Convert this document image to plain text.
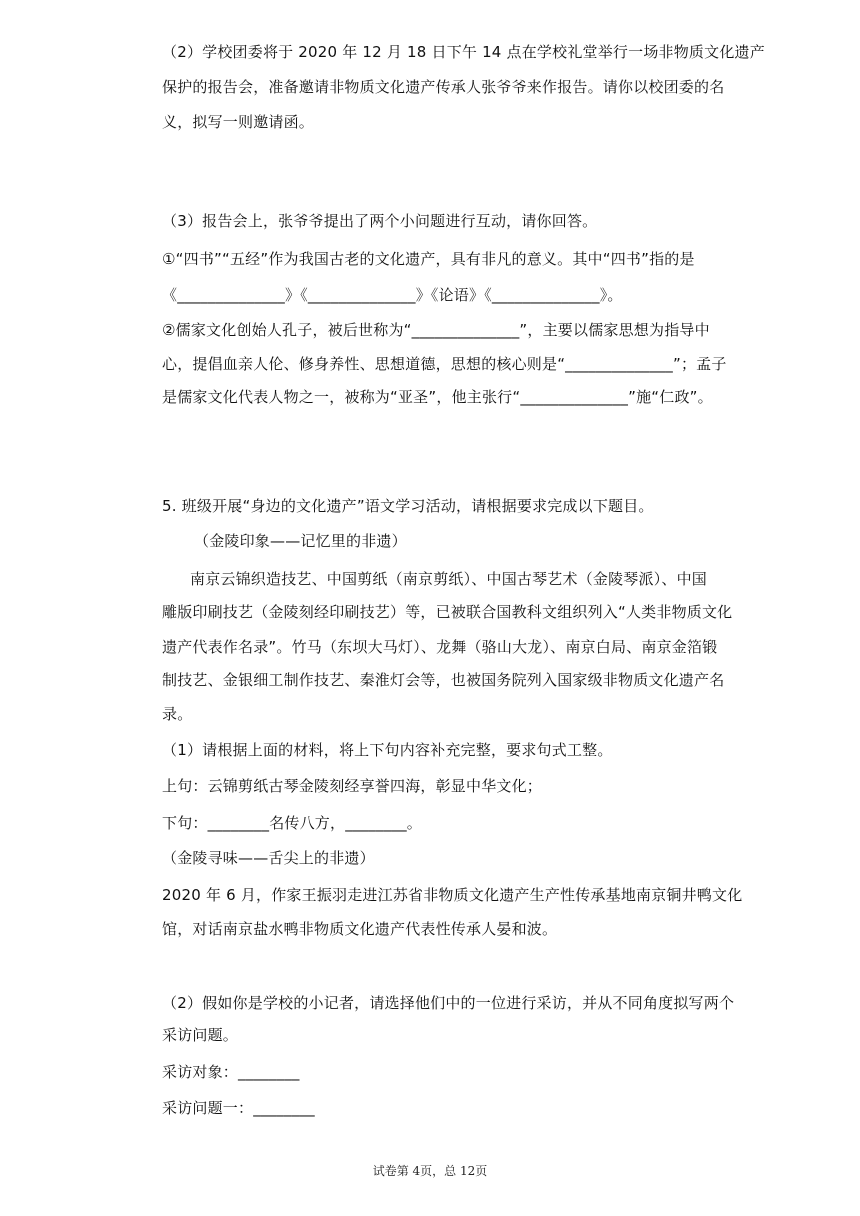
（2）学校团委将于 2020 年 12 月 18 日下午 14 点在学校礼堂举行一场非物质文化遗产
保护的报告会，准备邀请非物质文化遗产传承人张爷爷来作报告。请你以校团委的名
义，拟写一则邀请函。
（3）报告会上，张爷爷提出了两个小问题进行互动，请你回答。
①“四书”“五经”作为我国古老的文化遗产，具有非凡的意义。其中“四书”指的是
《______________》《______________》《论语》《______________》。
②儒家文化创始人孔子，被后世称为“______________”，主要以儒家思想为指导中
心，提倡血亲人伦、修身养性、思想道德，思想的核心则是“______________”；孟子
是儒家文化代表人物之一，被称为“亚圣”，他主张行“______________”施“仁政”。
5. 班级开展“身边的文化遗产”语文学习活动，请根据要求完成以下题目。
（金陵印象——记忆里的非遗）
南京云锦织造技艺、中国剪纸（南京剪纸）、中国古琴艺术（金陵琴派）、中国
雕版印刷技艺（金陵刻经印刷技艺）等，已被联合国教科文组织列入“人类非物质文化
遗产代表作名录”。竹马（东坝大马灯）、龙舞（骆山大龙）、南京白局、南京金箔锻
制技艺、金银细工制作技艺、秦淮灯会等，也被国务院列入国家级非物质文化遗产名
录。
（1）请根据上面的材料，将上下句内容补充完整，要求句式工整。
上句：云锦剪纸古琴金陵刻经享誉四海，彰显中华文化；
下句：________名传八方，________。
（金陵寻味——舌尖上的非遗）
2020 年 6 月，作家王振羽走进江苏省非物质文化遗产生产性传承基地南京铜井鸭文化
馆，对话南京盐水鸭非物质文化遗产代表性传承人晏和波。
（2）假如你是学校的小记者，请选择他们中的一位进行采访，并从不同角度拟写两个
采访问题。
采访对象：________
采访问题一：________
试卷第 4页，总 12页
